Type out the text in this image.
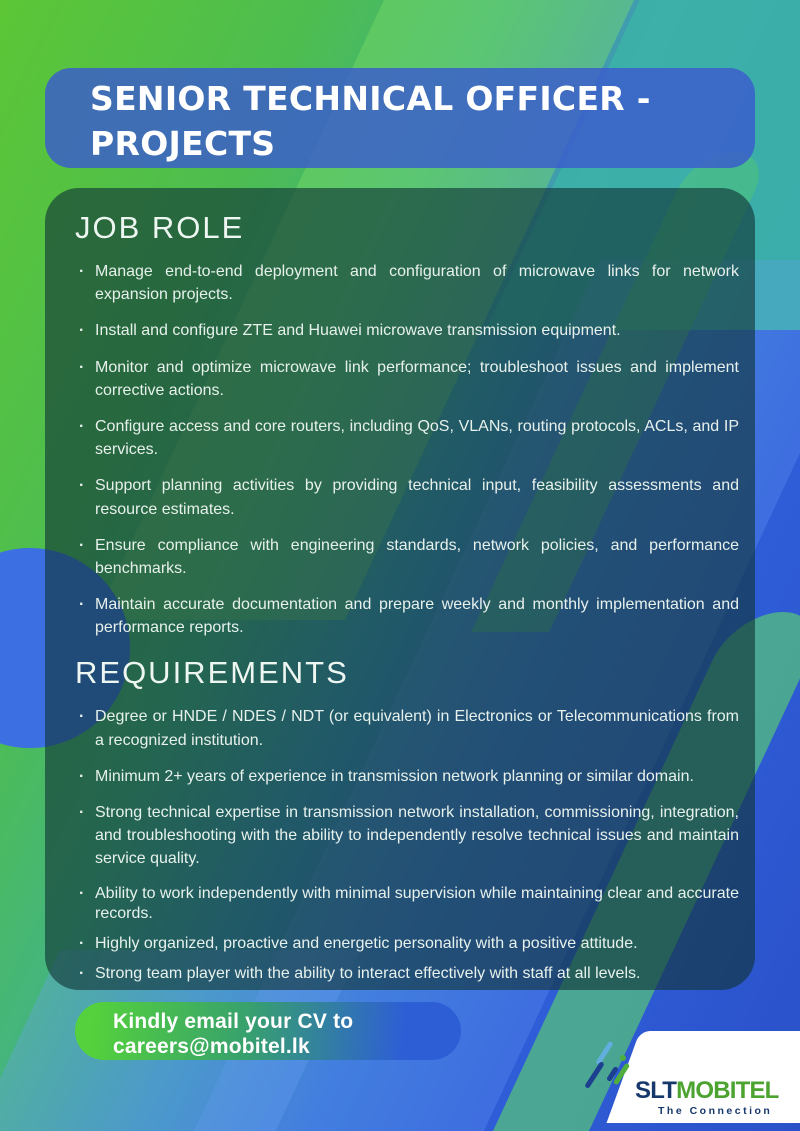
SENIOR TECHNICAL OFFICER - PROJECTS
JOB ROLE
· Manage end-to-end deployment and configuration of microwave links for network expansion projects.
· Install and configure ZTE and Huawei microwave transmission equipment.
· Monitor and optimize microwave link performance; troubleshoot issues and implement corrective actions.
· Configure access and core routers, including QoS, VLANs, routing protocols, ACLs, and IP services.
· Support planning activities by providing technical input, feasibility assessments and resource estimates.
· Ensure compliance with engineering standards, network policies, and performance benchmarks.
· Maintain accurate documentation and prepare weekly and monthly implementation and performance reports.
REQUIREMENTS
· Degree or HNDE / NDES / NDT (or equivalent) in Electronics or Telecommunications from a recognized institution.
· Minimum 2+ years of experience in transmission network planning or similar domain.
· Strong technical expertise in transmission network installation, commissioning, integration, and troubleshooting with the ability to independently resolve technical issues and maintain service quality.
· Ability to work independently with minimal supervision while maintaining clear and accurate records.
· Highly organized, proactive and energetic personality with a positive attitude.
· Strong team player with the ability to interact effectively with staff at all levels.
Kindly email your CV to
careers@mobitel.lk
SLTMOBITEL
The Connection
